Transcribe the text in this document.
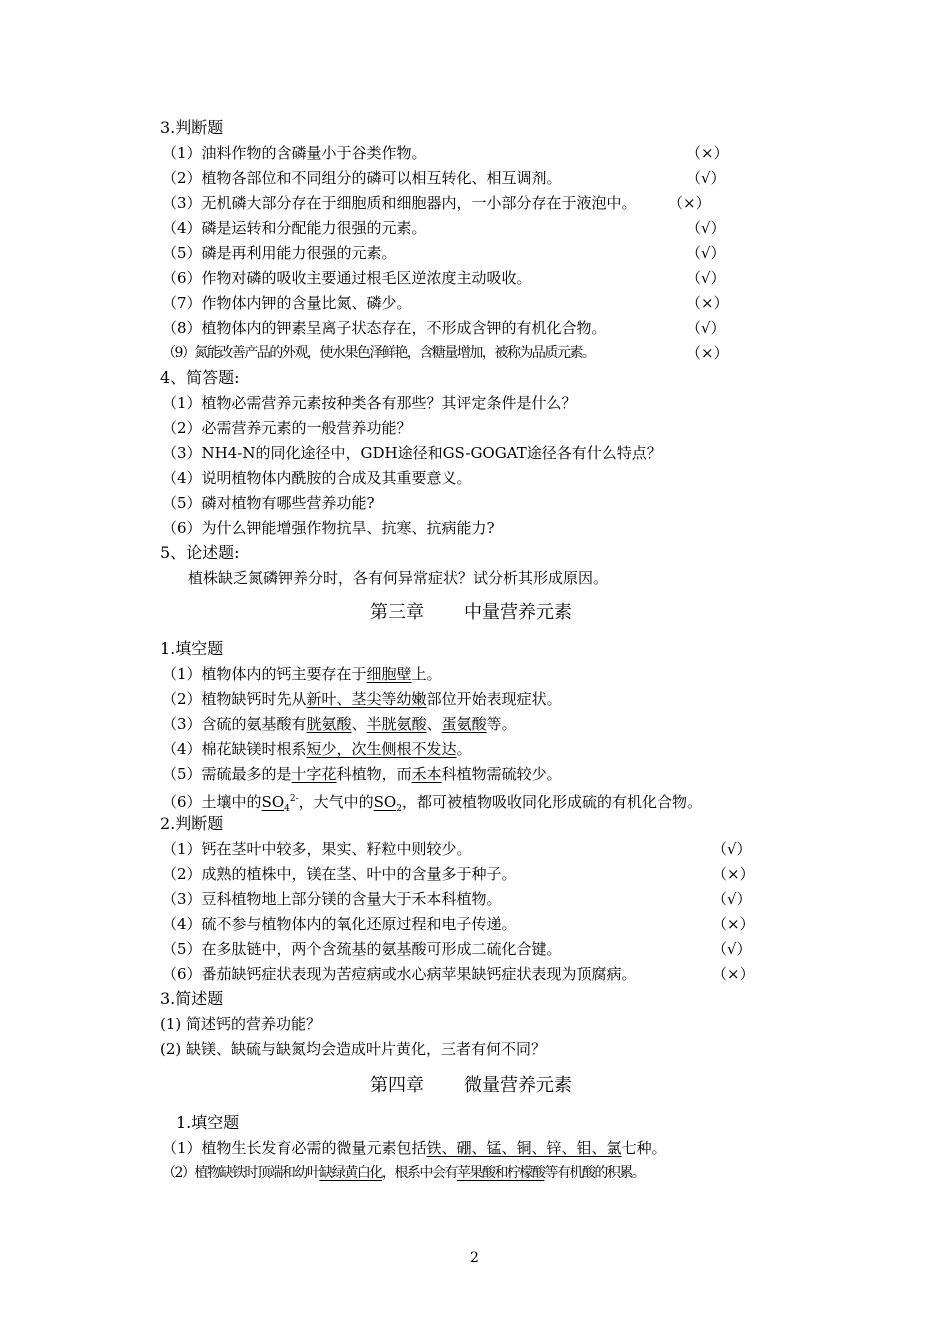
3.判断题
（1）油料作物的含磷量小于谷类作物。	（×）
（2）植物各部位和不同组分的磷可以相互转化、相互调剂。	（√）
（3）无机磷大部分存在于细胞质和细胞器内，一小部分存在于液泡中。 （×）
（4）磷是运转和分配能力很强的元素。	（√）
（5）磷是再利用能力很强的元素。	（√）
（6）作物对磷的吸收主要通过根毛区逆浓度主动吸收。	（√）
（7）作物体内钾的含量比氮、磷少。	（×）
（8）植物体内的钾素呈离子状态存在，不形成含钾的有机化合物。	（√）
（9）氮能改善产品的外观，使水果色泽鲜艳，含糖量增加，被称为品质元素。	（×）
4、简答题:
（1）植物必需营养元素按种类各有那些？其评定条件是什么？
（2）必需营养元素的一般营养功能？
（3）NH4-N的同化途径中，GDH途径和GS-GOGAT途径各有什么特点？
（4）说明植物体内酰胺的合成及其重要意义。
（5）磷对植物有哪些营养功能?
（6）为什么钾能增强作物抗旱、抗寒、抗病能力?
5、论述题:
植株缺乏氮磷钾养分时，各有何异常症状？试分析其形成原因。
第三章 中量营养元素
1.填空题
（1）植物体内的钙主要存在于细胞壁上。
（2）植物缺钙时先从新叶、茎尖等幼嫩部位开始表现症状。
（3）含硫的氨基酸有胱氨酸、半胱氨酸、蛋氨酸等。
（4）棉花缺镁时根系短少，次生侧根不发达。
（5）需硫最多的是十字花科植物，而禾本科植物需硫较少。
（6）土壤中的$SO_4^{2-}$，大气中的$SO_2$，都可被植物吸收同化形成硫的有机化合物。
2.判断题
（1）钙在茎叶中较多，果实、籽粒中则较少。	（√）
（2）成熟的植株中，镁在茎、叶中的含量多于种子。	（×）
（3）豆科植物地上部分镁的含量大于禾本科植物。	（√）
（4）硫不参与植物体内的氧化还原过程和电子传递。	（×）
（5）在多肽链中，两个含巯基的氨基酸可形成二硫化合键。	（√）
（6）番茄缺钙症状表现为苦痘病或水心病苹果缺钙症状表现为顶腐病。	（×）
3.简述题
(1) 简述钙的营养功能？
(2) 缺镁、缺硫与缺氮均会造成叶片黄化，三者有何不同？
第四章 微量营养元素
1.填空题
（1）植物生长发育必需的微量元素包括铁、硼、锰、铜、锌、钼、氯七种。
（2）植物缺铁时顶端和幼叶缺绿黄白化，根系中会有苹果酸和柠檬酸等有机酸的积累。
2
